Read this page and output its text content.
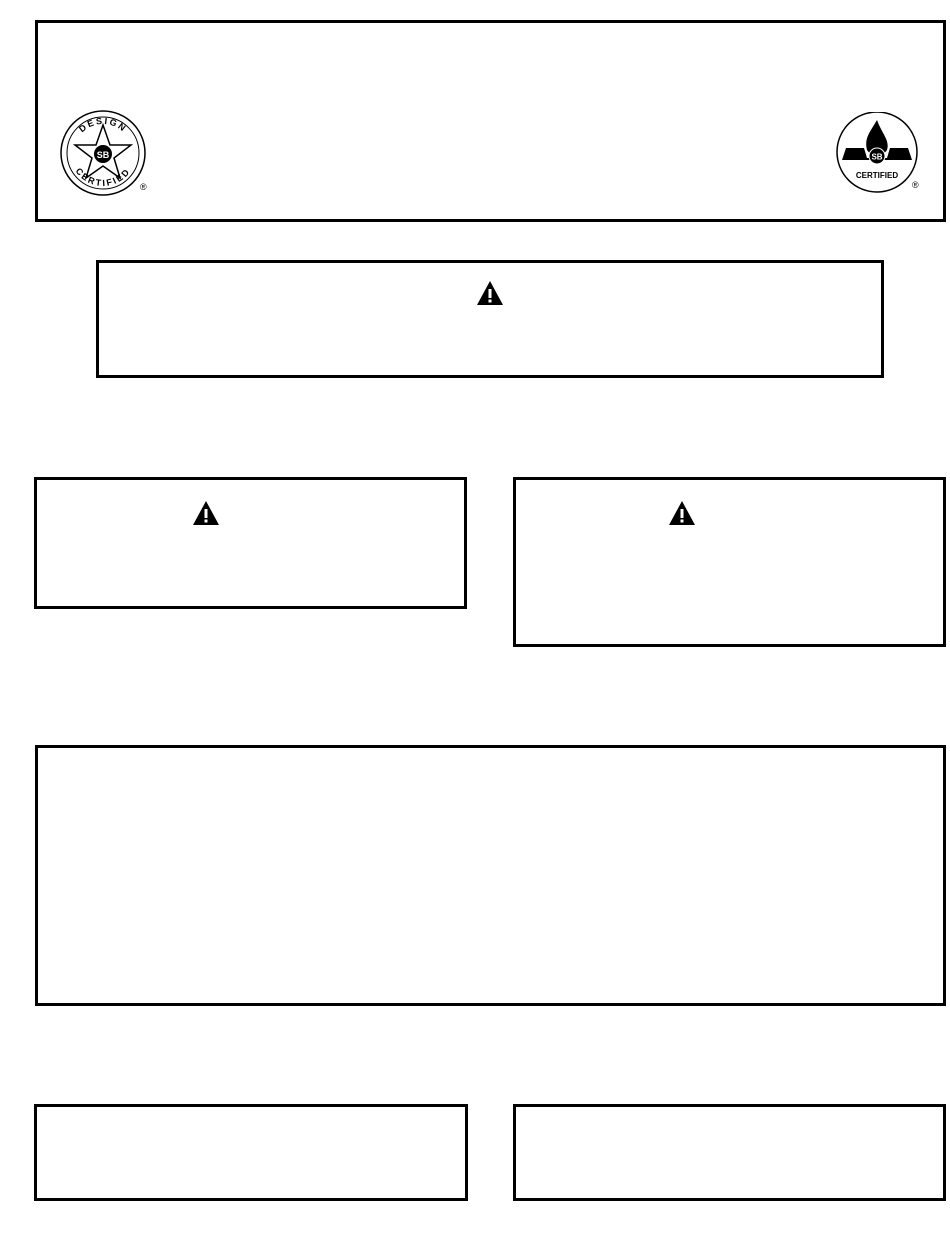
SB
DESIGN
CERTIFIED
®
SB
CERTIFIED
®
